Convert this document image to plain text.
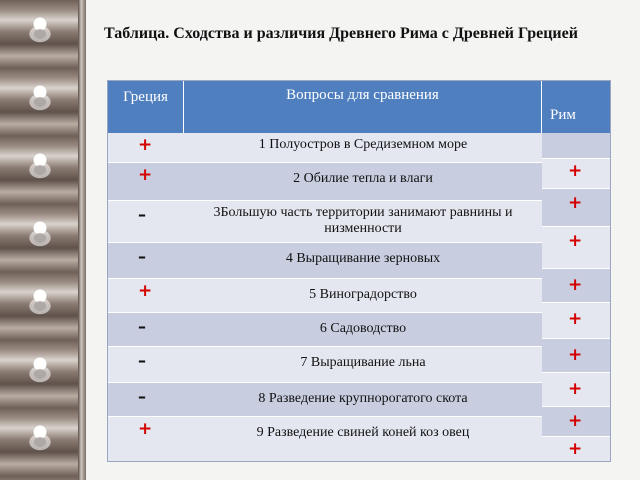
Таблица. Сходства и различия Древнего Рима с Древней Грецией
Греция	Вопросы для сравнения
Рим
+
+
–
–
+
–
–
–
+
1 Полуостров в Средиземном море
2 Обилие тепла и влаги
3Большую часть территории занимают равнины и низменности
4 Выращивание зерновых
5 Виноградорство
6 Садоводство
7 Выращивание льна
8 Разведение крупнорогатого скота
9 Разведение свиней коней коз овец
+
+
+
+
+
+
+
+
+
